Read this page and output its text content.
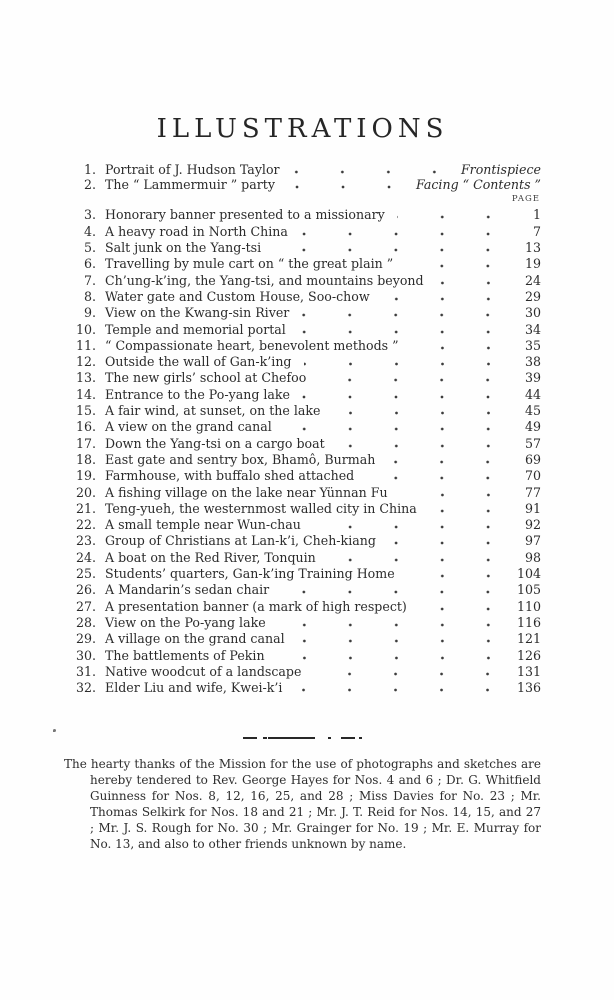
ILLUSTRATIONS
1. Portrait of J. Hudson Taylor	Frontispiece
2. The “ Lammermuir ” party	Facing “ Contents ”
PAGE
3. Honorary banner presented to a missionary	1
4. A heavy road in North China	7
5. Salt junk on the Yang-tsi	13
6. Travelling by mule cart on “ the great plain ”	19
7. Ch’ung-k’ing, the Yang-tsi, and mountains beyond	24
8. Water gate and Custom House, Soo-chow	29
9. View on the Kwang-sin River	30
10. Temple and memorial portal	34
11. “ Compassionate heart, benevolent methods ”	35
12. Outside the wall of Gan-k’ing	38
13. The new girls’ school at Chefoo	39
14. Entrance to the Po-yang lake	44
15. A fair wind, at sunset, on the lake	45
16. A view on the grand canal	49
17. Down the Yang-tsi on a cargo boat	57
18. East gate and sentry box, Bhamô, Burmah	69
19. Farmhouse, with buffalo shed attached	70
20. A fishing village on the lake near Yünnan Fu	77
21. Teng-yueh, the westernmost walled city in China	91
22. A small temple near Wun-chau	92
23. Group of Christians at Lan-k’i, Cheh-kiang	97
24. A boat on the Red River, Tonquin	98
25. Students’ quarters, Gan-k’ing Training Home	104
26. A Mandarin’s sedan chair	105
27. A presentation banner (a mark of high respect)	110
28. View on the Po-yang lake	116
29. A village on the grand canal	121
30. The battlements of Pekin	126
31. Native woodcut of a landscape	131
32. Elder Liu and wife, Kwei-k’i	136

The hearty thanks of the Mission for the use of photographs and sketches are hereby tendered to Rev. George Hayes for Nos. 4 and 6 ; Dr. G. Whitfield Guinness for Nos. 8, 12, 16, 25, and 28 ; Miss Davies for No. 23 ; Mr. Thomas Selkirk for Nos. 18 and 21 ; Mr. J. T. Reid for Nos. 14, 15, and 27 ; Mr. J. S. Rough for No. 30 ; Mr. Grainger for No. 19 ; Mr. E. Murray for No. 13, and also to other friends unknown by name.
